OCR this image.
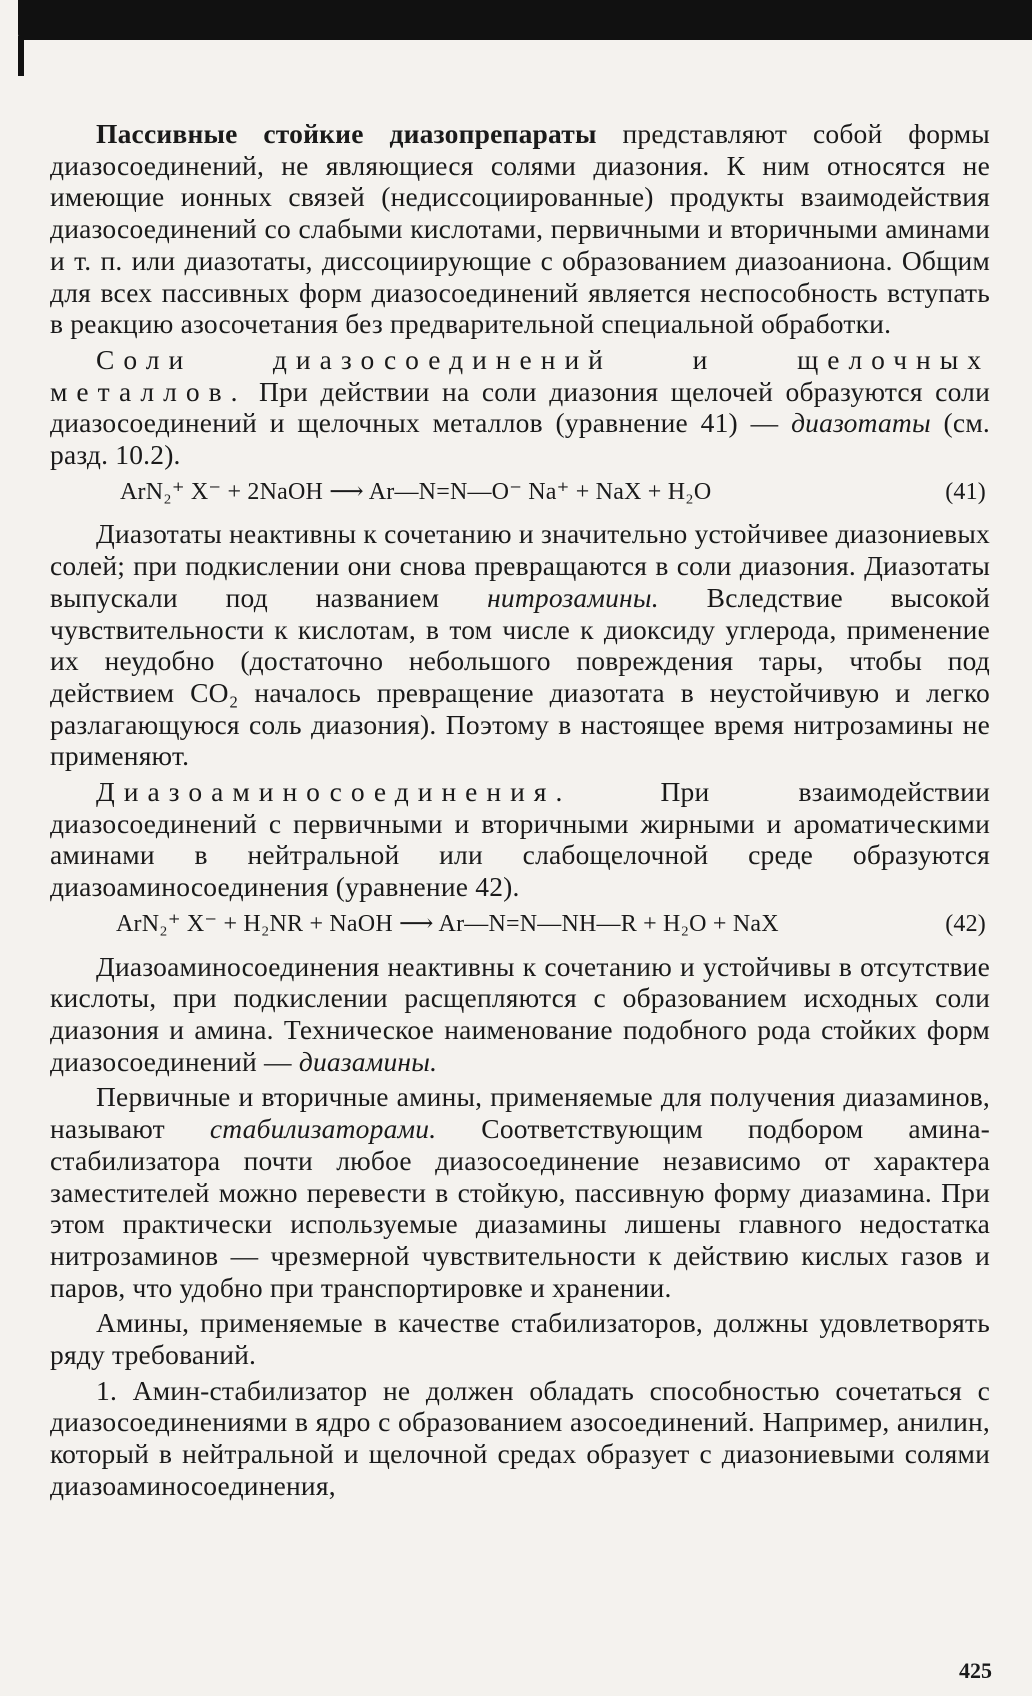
Пассивные стойкие диазопрепараты представляют собой формы диазосоединений, не являющиеся солями диазония. К ним относятся не имеющие ионных связей (недиссоциированные) продукты взаимодействия диазосоединений со слабыми кислотами, первичными и вторичными аминами и т. п. или диазотаты, диссоциирующие с образованием диазоаниона. Общим для всех пассивных форм диазосоединений является неспособность вступать в реакцию азосочетания без предварительной специальной обработки.

Соли диазосоединений и щелочных металлов. При действии на соли диазония щелочей образуются соли диазосоединений и щелочных металлов (уравнение 41) — диазотаты (см. разд. 10.2).

ArN₂⁺ X⁻ + 2NaOH ⟶ Ar—N=N—O⁻ Na⁺ + NaX + H₂O	(41)

Диазотаты неактивны к сочетанию и значительно устойчивее диазониевых солей; при подкислении они снова превращаются в соли диазония. Диазотаты выпускали под названием нитрозамины. Вследствие высокой чувствительности к кислотам, в том числе к диоксиду углерода, применение их неудобно (достаточно небольшого повреждения тары, чтобы под действием СО₂ началось превращение диазотата в неустойчивую и легко разлагающуюся соль диазония). Поэтому в настоящее время нитрозамины не применяют.

Диазоаминосоединения. При взаимодействии диазосоединений с первичными и вторичными жирными и ароматическими аминами в нейтральной или слабощелочной среде образуются диазоаминосоединения (уравнение 42).

ArN₂⁺ X⁻ + H₂NR + NaOH ⟶ Ar—N=N—NH—R + H₂O + NaX	(42)

Диазоаминосоединения неактивны к сочетанию и устойчивы в отсутствие кислоты, при подкислении расщепляются с образованием исходных соли диазония и амина. Техническое наименование подобного рода стойких форм диазосоединений — диазамины.

Первичные и вторичные амины, применяемые для получения диазаминов, называют стабилизаторами. Соответствующим подбором амина-стабилизатора почти любое диазосоединение независимо от характера заместителей можно перевести в стойкую, пассивную форму диазамина. При этом практически используемые диазамины лишены главного недостатка нитрозаминов — чрезмерной чувствительности к действию кислых газов и паров, что удобно при транспортировке и хранении.

Амины, применяемые в качестве стабилизаторов, должны удовлетворять ряду требований.

1. Амин-стабилизатор не должен обладать способностью сочетаться с диазосоединениями в ядро с образованием азосоединений. Например, анилин, который в нейтральной и щелочной средах образует с диазониевыми солями диазоаминосоединения,

425
